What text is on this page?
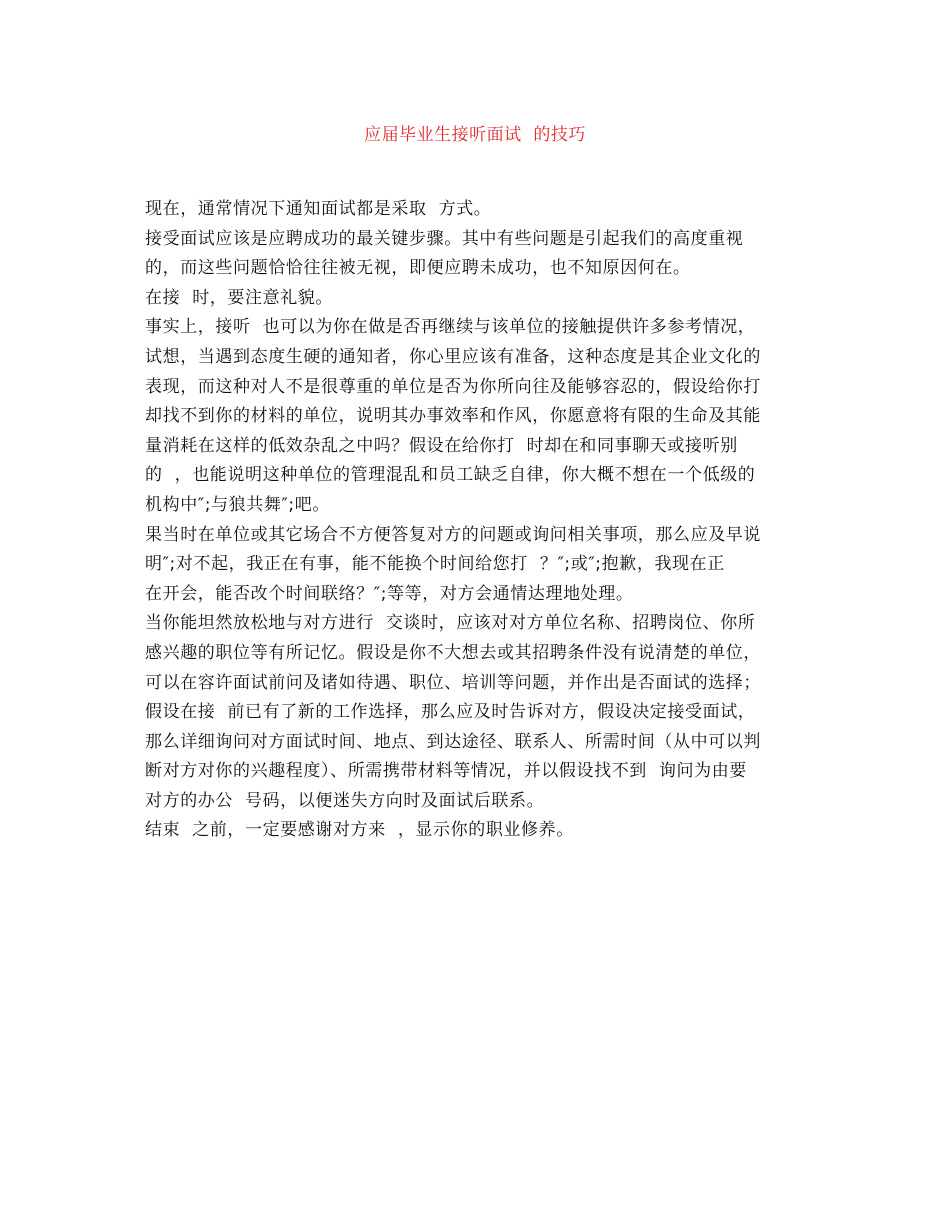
应届毕业生接听面试  的技巧
现在，通常情况下通知面试都是采取  方式。
接受面试应该是应聘成功的最关键步骤。其中有些问题是引起我们的高度重视
的，而这些问题恰恰往往被无视，即便应聘未成功，也不知原因何在。
在接  时，要注意礼貌。
事实上，接听  也可以为你在做是否再继续与该单位的接触提供许多参考情况，
试想，当遇到态度生硬的通知者，你心里应该有准备，这种态度是其企业文化的
表现，而这种对人不是很尊重的单位是否为你所向往及能够容忍的，假设给你打
却找不到你的材料的单位，说明其办事效率和作风，你愿意将有限的生命及其能
量消耗在这样的低效杂乱之中吗？假设在给你打  时却在和同事聊天或接听别
的  ，也能说明这种单位的管理混乱和员工缺乏自律，你大概不想在一个低级的
机构中″;与狼共舞″;吧。
果当时在单位或其它场合不方便答复对方的问题或询问相关事项，那么应及早说
明″;对不起，我正在有事，能不能换个时间给您打  ？″;或″;抱歉，我现在正
在开会，能否改个时间联络？″;等等，对方会通情达理地处理。
当你能坦然放松地与对方进行  交谈时，应该对对方单位名称、招聘岗位、你所
感兴趣的职位等有所记忆。假设是你不大想去或其招聘条件没有说清楚的单位，
可以在容许面试前问及诸如待遇、职位、培训等问题，并作出是否面试的选择；
假设在接  前已有了新的工作选择，那么应及时告诉对方，假设决定接受面试，
那么详细询问对方面试时间、地点、到达途径、联系人、所需时间（从中可以判
断对方对你的兴趣程度）、所需携带材料等情况，并以假设找不到  询问为由要
对方的办公  号码，以便迷失方向时及面试后联系。
结束  之前，一定要感谢对方来  ，显示你的职业修养。
